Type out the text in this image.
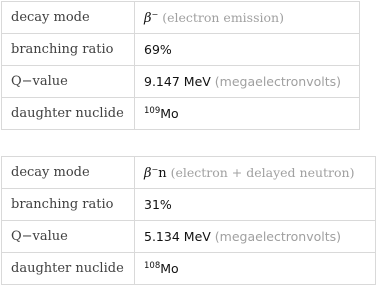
decay mode	β− (electron emission)
branching ratio	69%
Q−value	9.147 MeV (megaelectronvolts)
daughter nuclide	$^{109}$Mo
decay mode	β−n (electron + delayed neutron)
branching ratio	31%
Q−value	5.134 MeV (megaelectronvolts)
daughter nuclide	$^{108}$Mo
